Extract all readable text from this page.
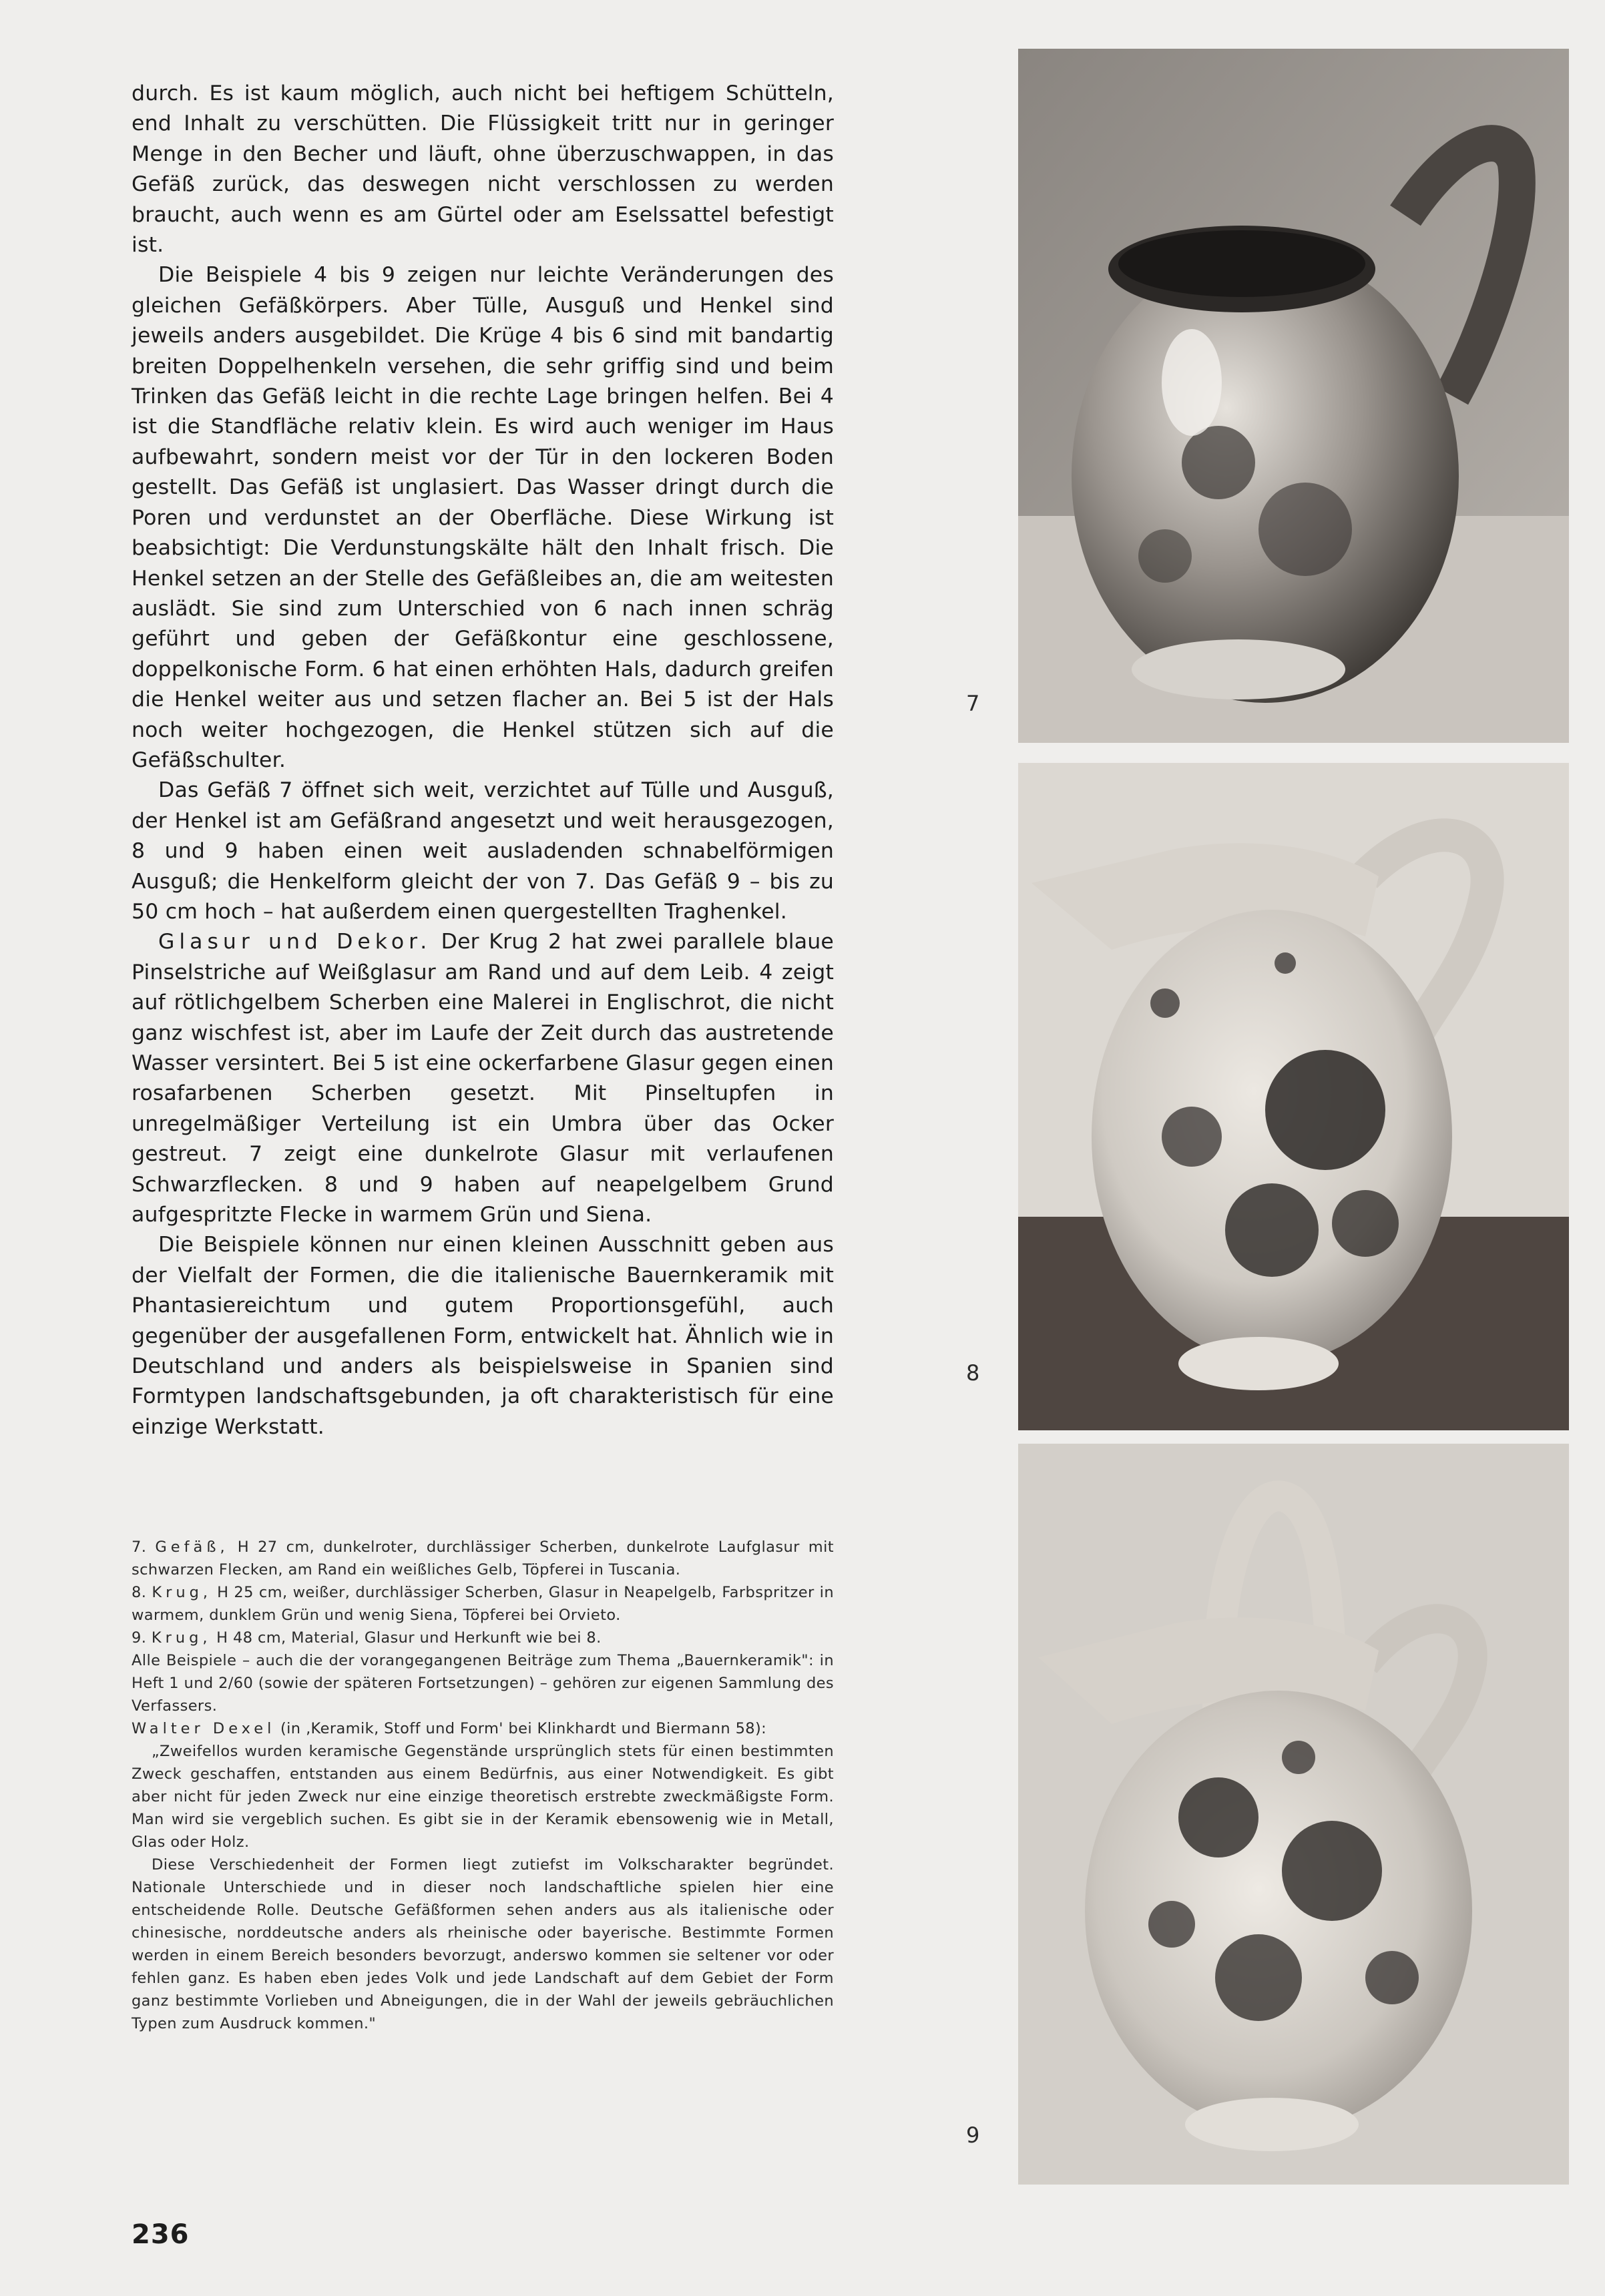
durch. Es ist kaum möglich, auch nicht bei heftigem Schütteln, end Inhalt zu verschütten. Die Flüssigkeit tritt nur in geringer Menge in den Becher und läuft, ohne überzuschwappen, in das Gefäß zurück, das deswegen nicht verschlossen zu werden braucht, auch wenn es am Gürtel oder am Eselssattel befestigt ist.

Die Beispiele 4 bis 9 zeigen nur leichte Veränderungen des gleichen Gefäßkörpers. Aber Tülle, Ausguß und Henkel sind jeweils anders ausgebildet. Die Krüge 4 bis 6 sind mit bandartig breiten Doppelhenkeln versehen, die sehr griffig sind und beim Trinken das Gefäß leicht in die rechte Lage bringen helfen. Bei 4 ist die Standfläche relativ klein. Es wird auch weniger im Haus aufbewahrt, sondern meist vor der Tür in den lockeren Boden gestellt. Das Gefäß ist unglasiert. Das Wasser dringt durch die Poren und verdunstet an der Oberfläche. Diese Wirkung ist beabsichtigt: Die Verdunstungskälte hält den Inhalt frisch. Die Henkel setzen an der Stelle des Gefäßleibes an, die am weitesten auslädt. Sie sind zum Unterschied von 6 nach innen schräg geführt und geben der Gefäßkontur eine geschlossene, doppelkonische Form. 6 hat einen erhöhten Hals, dadurch greifen die Henkel weiter aus und setzen flacher an. Bei 5 ist der Hals noch weiter hochgezogen, die Henkel stützen sich auf die Gefäßschulter.

Das Gefäß 7 öffnet sich weit, verzichtet auf Tülle und Ausguß, der Henkel ist am Gefäßrand angesetzt und weit herausgezogen, 8 und 9 haben einen weit ausladenden schnabelförmigen Ausguß; die Henkelform gleicht der von 7. Das Gefäß 9 – bis zu 50 cm hoch – hat außerdem einen quergestellten Traghenkel.

Glasur und Dekor. Der Krug 2 hat zwei parallele blaue Pinselstriche auf Weißglasur am Rand und auf dem Leib. 4 zeigt auf rötlichgelbem Scherben eine Malerei in Englischrot, die nicht ganz wischfest ist, aber im Laufe der Zeit durch das austretende Wasser versintert. Bei 5 ist eine ockerfarbene Glasur gegen einen rosafarbenen Scherben gesetzt. Mit Pinseltupfen in unregelmäßiger Verteilung ist ein Umbra über das Ocker gestreut. 7 zeigt eine dunkelrote Glasur mit verlaufenen Schwarzflecken. 8 und 9 haben auf neapelgelbem Grund aufgespritzte Flecke in warmem Grün und Siena.

Die Beispiele können nur einen kleinen Ausschnitt geben aus der Vielfalt der Formen, die die italienische Bauernkeramik mit Phantasiereichtum und gutem Proportionsgefühl, auch gegenüber der ausgefallenen Form, entwickelt hat. Ähnlich wie in Deutschland und anders als beispielsweise in Spanien sind Formtypen landschaftsgebunden, ja oft charakteristisch für eine einzige Werkstatt.

7. Gefäß, H 27 cm, dunkelroter, durchlässiger Scherben, dunkelrote Laufglasur mit schwarzen Flecken, am Rand ein weißliches Gelb, Töpferei in Tuscania.

8. Krug, H 25 cm, weißer, durchlässiger Scherben, Glasur in Neapelgelb, Farbspritzer in warmem, dunklem Grün und wenig Siena, Töpferei bei Orvieto.

9. Krug, H 48 cm, Material, Glasur und Herkunft wie bei 8.

Alle Beispiele – auch die der vorangegangenen Beiträge zum Thema „Bauernkeramik": in Heft 1 und 2/60 (sowie der späteren Fortsetzungen) – gehören zur eigenen Sammlung des Verfassers.

Walter Dexel (in ‚Keramik, Stoff und Form' bei Klinkhardt und Biermann 58):

„Zweifellos wurden keramische Gegenstände ursprünglich stets für einen bestimmten Zweck geschaffen, entstanden aus einem Bedürfnis, aus einer Notwendigkeit. Es gibt aber nicht für jeden Zweck nur eine einzige theoretisch erstrebte zweckmäßigste Form. Man wird sie vergeblich suchen. Es gibt sie in der Keramik ebensowenig wie in Metall, Glas oder Holz.

Diese Verschiedenheit der Formen liegt zutiefst im Volkscharakter begründet. Nationale Unterschiede und in dieser noch landschaftliche spielen hier eine entscheidende Rolle. Deutsche Gefäßformen sehen anders aus als italienische oder chinesische, norddeutsche anders als rheinische oder bayerische. Bestimmte Formen werden in einem Bereich besonders bevorzugt, anderswo kommen sie seltener vor oder fehlen ganz. Es haben eben jedes Volk und jede Landschaft auf dem Gebiet der Form ganz bestimmte Vorlieben und Abneigungen, die in der Wahl der jeweils gebräuchlichen Typen zum Ausdruck kommen."

236
7
8
9
